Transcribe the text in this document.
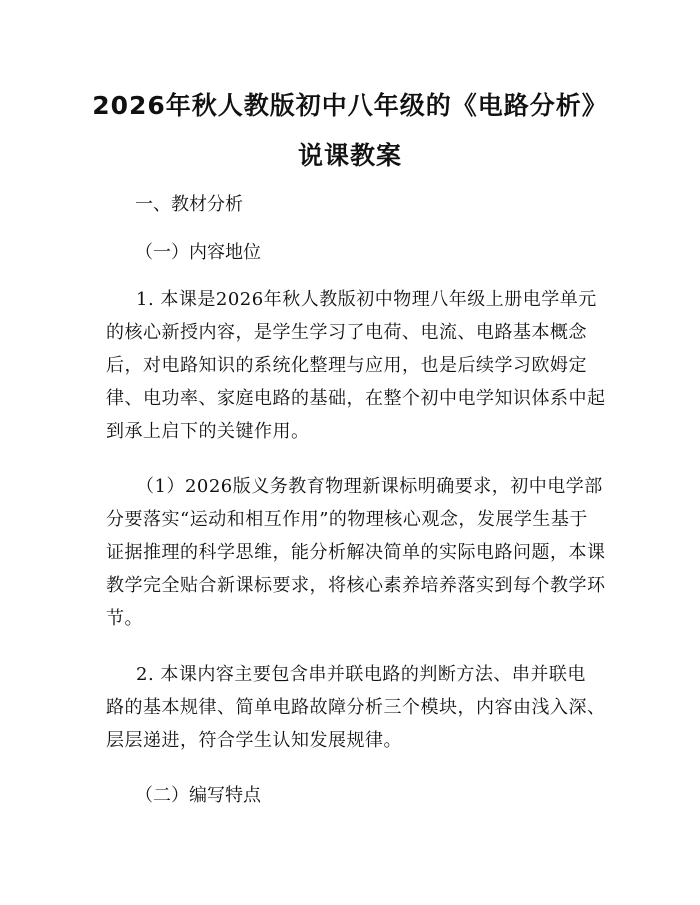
2026年秋人教版初中八年级的《电路分析》
说课教案
一、教材分析
（一）内容地位
1. 本课是2026年秋人教版初中物理八年级上册电学单元
的核心新授内容，是学生学习了电荷、电流、电路基本概念
后，对电路知识的系统化整理与应用，也是后续学习欧姆定
律、电功率、家庭电路的基础，在整个初中电学知识体系中起
到承上启下的关键作用。
（1）2026版义务教育物理新课标明确要求，初中电学部
分要落实“运动和相互作用”的物理核心观念，发展学生基于
证据推理的科学思维，能分析解决简单的实际电路问题，本课
教学完全贴合新课标要求，将核心素养培养落实到每个教学环
节。
2. 本课内容主要包含串并联电路的判断方法、串并联电
路的基本规律、简单电路故障分析三个模块，内容由浅入深、
层层递进，符合学生认知发展规律。
（二）编写特点
